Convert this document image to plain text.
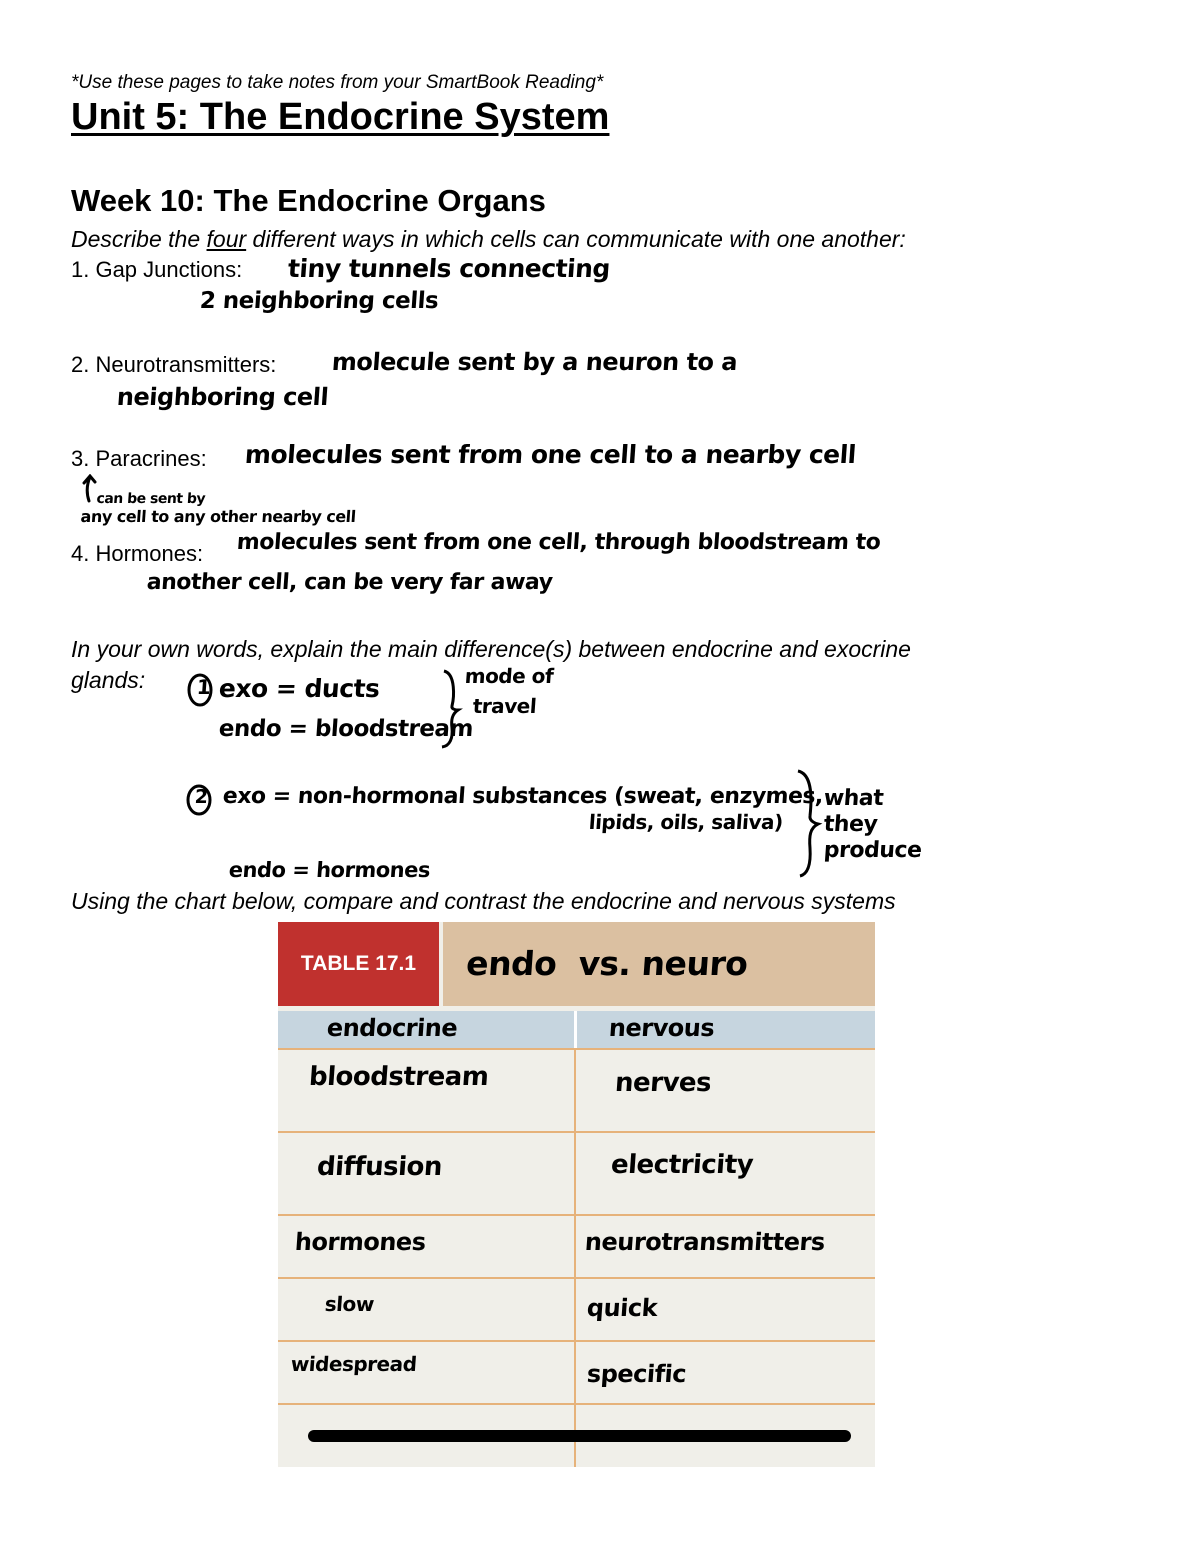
*Use these pages to take notes from your SmartBook Reading*
Unit 5: The Endocrine System
Week 10: The Endocrine Organs
Describe the four different ways in which cells can communicate with one another:
1. Gap Junctions: tiny tunnels connecting
2 neighboring cells
2. Neurotransmitters: molecule sent by a neuron to a
neighboring cell
3. Paracrines: molecules sent from one cell to a nearby cell
can be sent by
any cell to any other nearby cell
4. Hormones: molecules sent from one cell, through bloodstream to
another cell, can be very far away
In your own words, explain the main difference(s) between endocrine and exocrine
glands:	1 exo = ducts
endo = bloodstream
mode of
travel
2 exo = non-hormonal substances (sweat, enzymes,
lipids, oils, saliva)
endo = hormones
what
they
produce
Using the chart below, compare and contrast the endocrine and nervous systems
TABLE 17.1	endo  vs. neuro
endocrine	nervous
bloodstream	nerves
diffusion	electricity
hormones	neurotransmitters
slow	quick
widespread	specific
